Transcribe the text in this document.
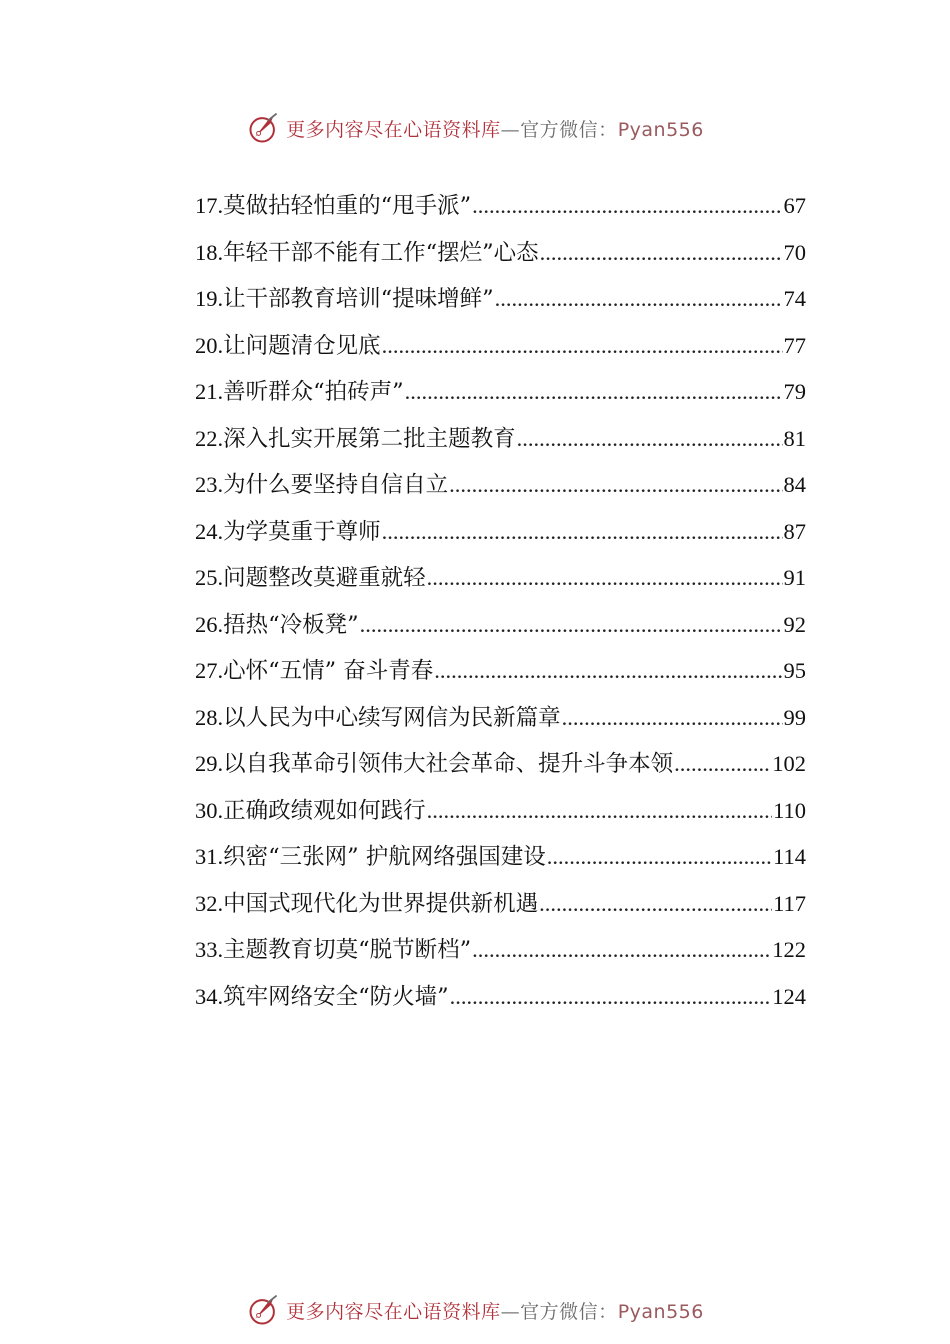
更多内容尽在心语资料库—官方微信：Pyan556
17. 莫做拈轻怕重的“甩手派” .....	67
18. 年轻干部不能有工作“摆烂”心态 .....	70
19. 让干部教育培训“提味增鲜” .....	74
20. 让问题清仓见底 .....	77
21. 善听群众“拍砖声” .....	79
22. 深入扎实开展第二批主题教育 .....	81
23. 为什么要坚持自信自立 .....	84
24. 为学莫重于尊师 .....	87
25. 问题整改莫避重就轻 .....	91
26. 捂热“冷板凳” .....	92
27. 心怀“五情” 奋斗青春 .....	95
28. 以人民为中心续写网信为民新篇章 .....	99
29. 以自我革命引领伟大社会革命、提升斗争本领 .....	102
30. 正确政绩观如何践行 .....	110
31. 织密“三张网” 护航网络强国建设 .....	114
32. 中国式现代化为世界提供新机遇 .....	117
33. 主题教育切莫“脱节断档” .....	122
34. 筑牢网络安全“防火墙” .....	124
更多内容尽在心语资料库—官方微信：Pyan556
